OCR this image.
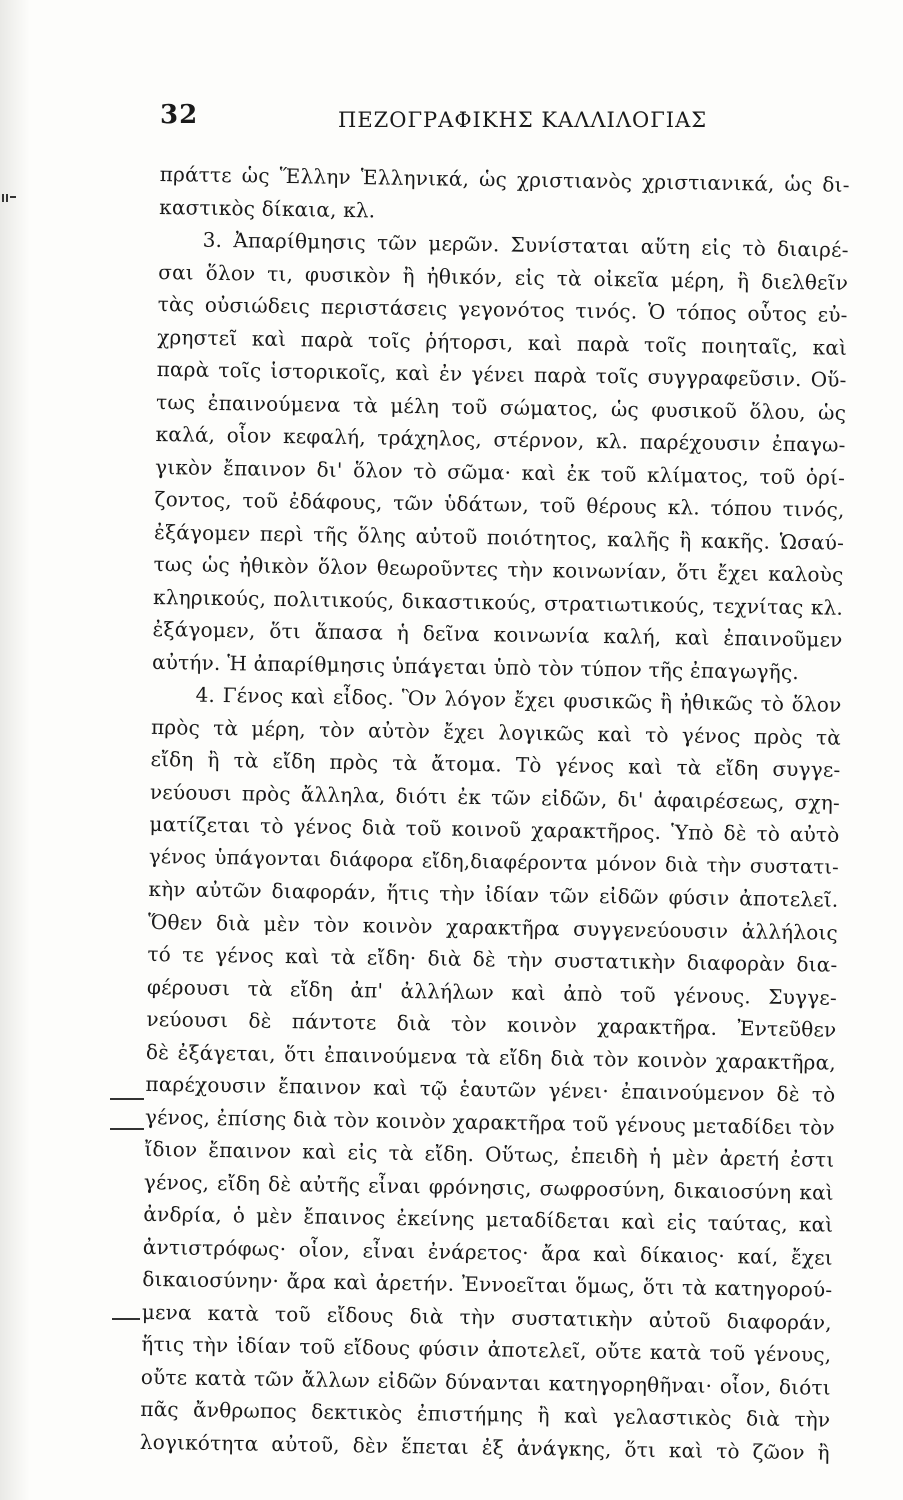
32	ΠΕΖΟΓΡΑΦΙΚΗΣ ΚΑΛΛΙΛΟΓΙΑΣ
πράττε ὡς Ἕλλην Ἑλληνικά, ὡς χριστιανὸς χριστιανικά, ὡς δι-
καστικὸς δίκαια, κλ.
3. Ἀπαρίθμησις τῶν μερῶν. Συνίσταται αὕτη εἰς τὸ διαιρέ-
σαι ὅλον τι, φυσικὸν ἢ ἠθικόν, εἰς τὰ οἰκεῖα μέρη, ἢ διελθεῖν
τὰς οὐσιώδεις περιστάσεις γεγονότος τινός. Ὁ τόπος οὗτος εὐ-
χρηστεῖ καὶ παρὰ τοῖς ῥήτορσι, καὶ παρὰ τοῖς ποιηταῖς, καὶ
παρὰ τοῖς ἱστορικοῖς, καὶ ἐν γένει παρὰ τοῖς συγγραφεῦσιν. Οὕ-
τως ἐπαινούμενα τὰ μέλη τοῦ σώματος, ὡς φυσικοῦ ὅλου, ὡς
καλά, οἷον κεφαλή, τράχηλος, στέρνον, κλ. παρέχουσιν ἐπαγω-
γικὸν ἔπαινον δι' ὅλον τὸ σῶμα· καὶ ἐκ τοῦ κλίματος, τοῦ ὁρί-
ζοντος, τοῦ ἐδάφους, τῶν ὑδάτων, τοῦ θέρους κλ. τόπου τινός,
ἐξάγομεν περὶ τῆς ὅλης αὐτοῦ ποιότητος, καλῆς ἢ κακῆς. Ὡσαύ-
τως ὡς ἠθικὸν ὅλον θεωροῦντες τὴν κοινωνίαν, ὅτι ἔχει καλοὺς
κληρικούς, πολιτικούς, δικαστικούς, στρατιωτικούς, τεχνίτας κλ.
ἐξάγομεν, ὅτι ἅπασα ἡ δεῖνα κοινωνία καλή, καὶ ἐπαινοῦμεν
αὐτήν. Ἡ ἀπαρίθμησις ὑπάγεται ὑπὸ τὸν τύπον τῆς ἐπαγωγῆς.
4. Γένος καὶ εἶδος. Ὃν λόγον ἔχει φυσικῶς ἢ ἠθικῶς τὸ ὅλον
πρὸς τὰ μέρη, τὸν αὐτὸν ἔχει λογικῶς καὶ τὸ γένος πρὸς τὰ
εἴδη ἢ τὰ εἴδη πρὸς τὰ ἄτομα. Τὸ γένος καὶ τὰ εἴδη συγγε-
νεύουσι πρὸς ἄλληλα, διότι ἐκ τῶν εἰδῶν, δι' ἀφαιρέσεως, σχη-
ματίζεται τὸ γένος διὰ τοῦ κοινοῦ χαρακτῆρος. Ὑπὸ δὲ τὸ αὐτὸ
γένος ὑπάγονται διάφορα εἴδη,διαφέροντα μόνον διὰ τὴν συστατι-
κὴν αὐτῶν διαφοράν, ἥτις τὴν ἰδίαν τῶν εἰδῶν φύσιν ἀποτελεῖ.
Ὅθεν διὰ μὲν τὸν κοινὸν χαρακτῆρα συγγενεύουσιν ἀλλήλοις
τό τε γένος καὶ τὰ εἴδη· διὰ δὲ τὴν συστατικὴν διαφορὰν δια-
φέρουσι τὰ εἴδη ἀπ' ἀλλήλων καὶ ἀπὸ τοῦ γένους. Συγγε-
νεύουσι δὲ πάντοτε διὰ τὸν κοινὸν χαρακτῆρα. Ἐντεῦθεν
δὲ ἐξάγεται, ὅτι ἐπαινούμενα τὰ εἴδη διὰ τὸν κοινὸν χαρακτῆρα,
παρέχουσιν ἔπαινον καὶ τῷ ἑαυτῶν γένει· ἐπαινούμενον δὲ τὸ
γένος, ἐπίσης διὰ τὸν κοινὸν χαρακτῆρα τοῦ γένους μεταδίδει τὸν
ἴδιον ἔπαινον καὶ εἰς τὰ εἴδη. Οὕτως, ἐπειδὴ ἡ μὲν ἀρετή ἐστι
γένος, εἴδη δὲ αὐτῆς εἶναι φρόνησις, σωφροσύνη, δικαιοσύνη καὶ
ἀνδρία, ὁ μὲν ἔπαινος ἐκείνης μεταδίδεται καὶ εἰς ταύτας, καὶ
ἀντιστρόφως· οἷον, εἶναι ἐνάρετος· ἄρα καὶ δίκαιος· καί, ἔχει
δικαιοσύνην· ἄρα καὶ ἀρετήν. Ἐννοεῖται ὅμως, ὅτι τὰ κατηγορού-
μενα κατὰ τοῦ εἴδους διὰ τὴν συστατικὴν αὐτοῦ διαφοράν,
ἥτις τὴν ἰδίαν τοῦ εἴδους φύσιν ἀποτελεῖ, οὔτε κατὰ τοῦ γένους,
οὔτε κατὰ τῶν ἄλλων εἰδῶν δύνανται κατηγορηθῆναι· οἷον, διότι
πᾶς ἄνθρωπος δεκτικὸς ἐπιστήμης ἢ καὶ γελαστικὸς διὰ τὴν
λογικότητα αὐτοῦ, δὲν ἕπεται ἐξ ἀνάγκης, ὅτι καὶ τὸ ζῶον ἢ
